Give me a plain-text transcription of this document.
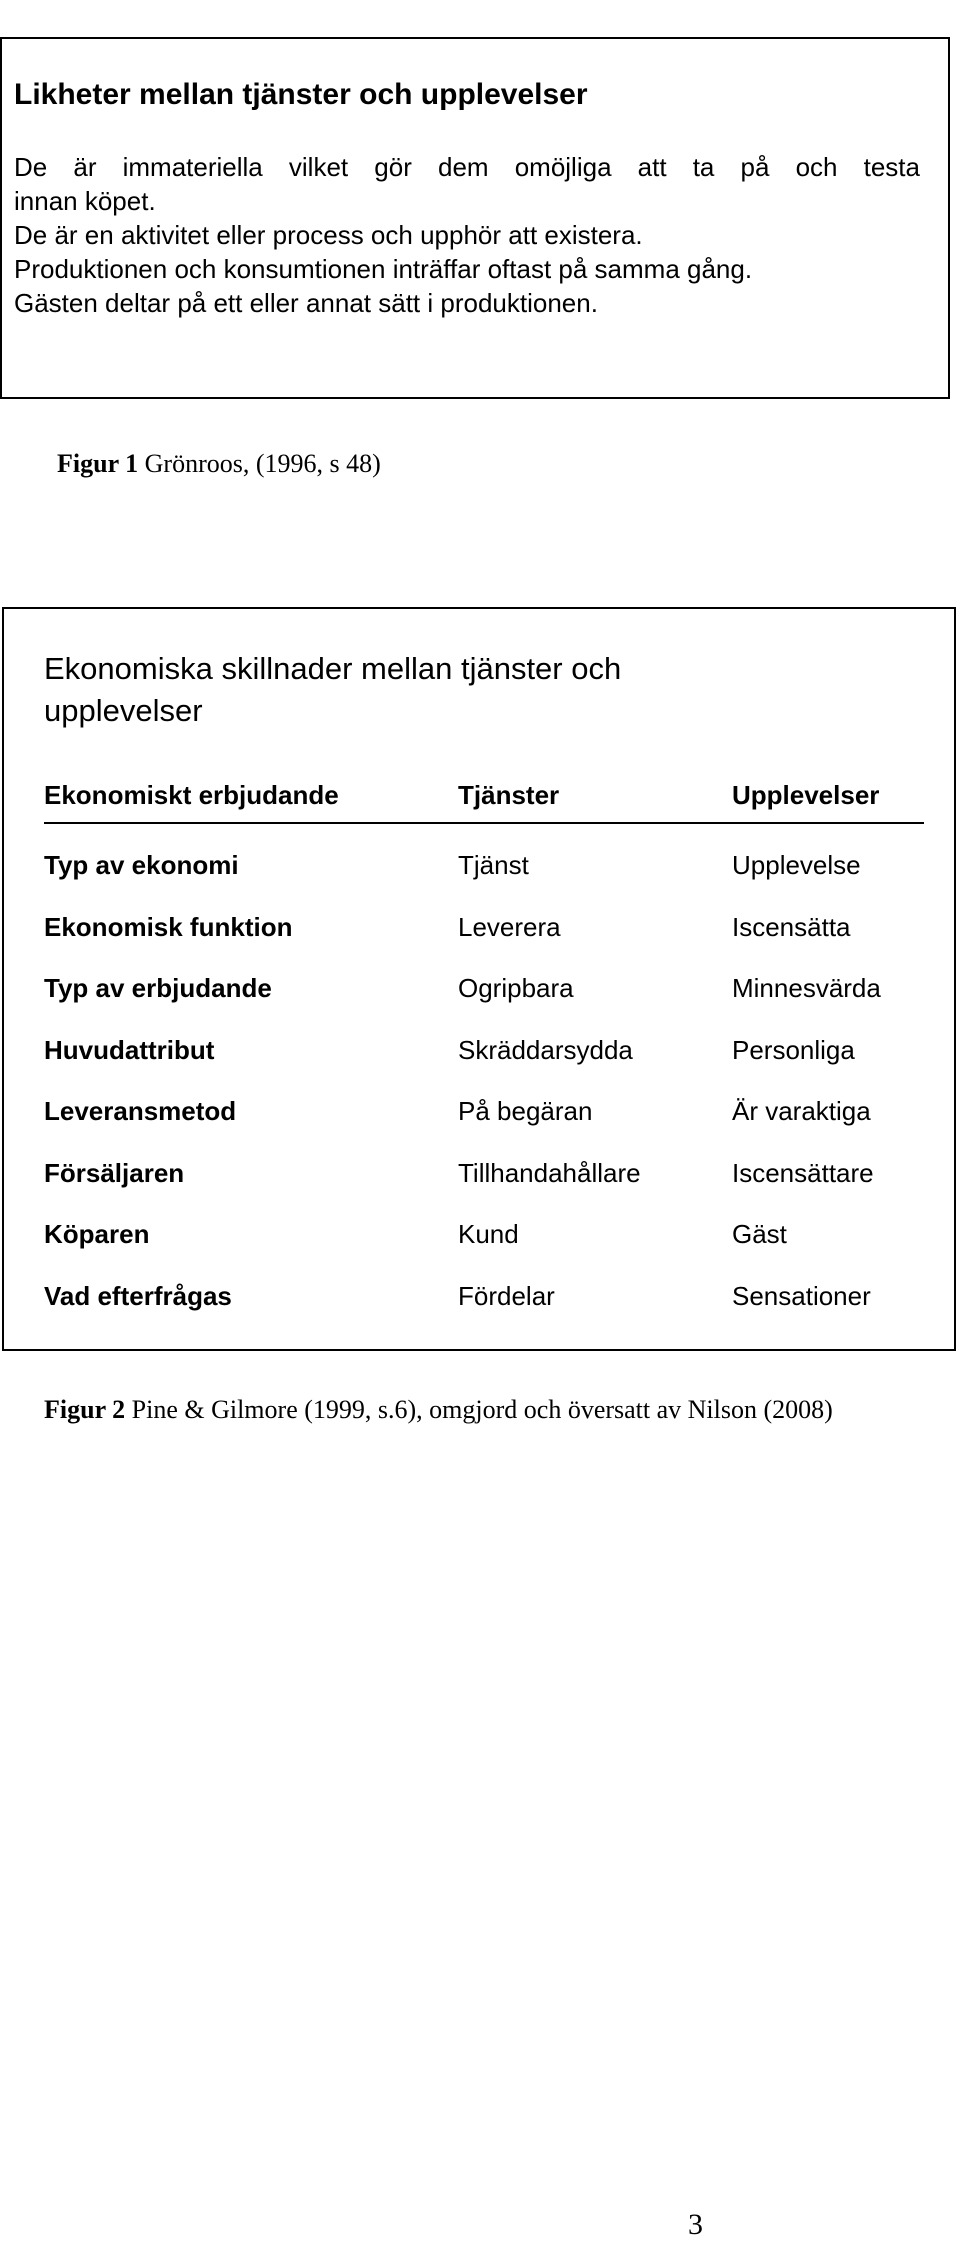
Likheter mellan tjänster och upplevelser

De är immateriella vilket gör dem omöjliga att ta på och testa

innan köpet.

De är en aktivitet eller process och upphör att existera.

Produktionen och konsumtionen inträffar oftast på samma gång.

Gästen deltar på ett eller annat sätt i produktionen.

Figur 1 Grönroos, (1996, s 48)

Ekonomiska skillnader mellan tjänster och upplevelser
Ekonomiskt erbjudande	Tjänster	Upplevelser
Typ av ekonomi	Tjänst	Upplevelse
Ekonomisk funktion	Leverera	Iscensätta
Typ av erbjudande	Ogripbara	Minnesvärda
Huvudattribut	Skräddarsydda	Personliga
Leveransmetod	På begäran	Är varaktiga
Försäljaren	Tillhandahållare	Iscensättare
Köparen	Kund	Gäst
Vad efterfrågas	Fördelar	Sensationer

Figur 2 Pine & Gilmore (1999, s.6), omgjord och översatt av Nilson (2008)

3
